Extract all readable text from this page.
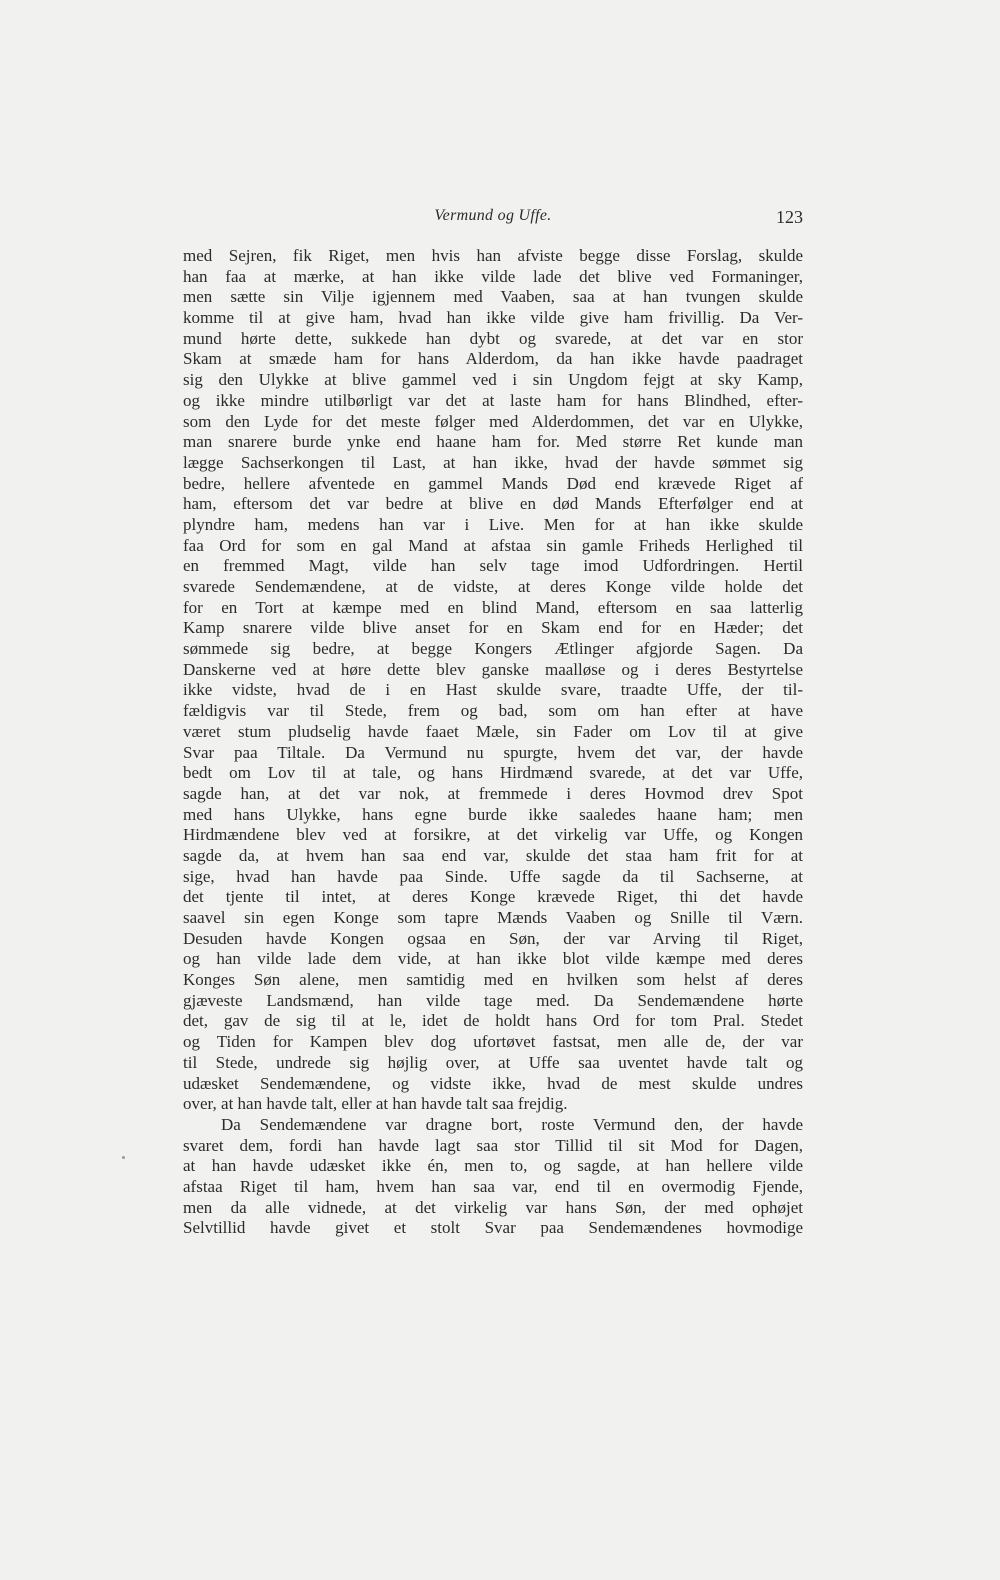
Vermund og Uffe.	123
med Sejren, fik Riget, men hvis han afviste begge disse Forslag, skulde
han faa at mærke, at han ikke vilde lade det blive ved Formaninger,
men sætte sin Vilje igjennem med Vaaben, saa at han tvungen skulde
komme til at give ham, hvad han ikke vilde give ham frivillig. Da Ver-
mund hørte dette, sukkede han dybt og svarede, at det var en stor
Skam at smæde ham for hans Alderdom, da han ikke havde paadraget
sig den Ulykke at blive gammel ved i sin Ungdom fejgt at sky Kamp,
og ikke mindre utilbørligt var det at laste ham for hans Blindhed, efter-
som den Lyde for det meste følger med Alderdommen, det var en Ulykke,
man snarere burde ynke end haane ham for. Med større Ret kunde man
lægge Sachserkongen til Last, at han ikke, hvad der havde sømmet sig
bedre, hellere afventede en gammel Mands Død end krævede Riget af
ham, eftersom det var bedre at blive en død Mands Efterfølger end at
plyndre ham, medens han var i Live. Men for at han ikke skulde
faa Ord for som en gal Mand at afstaa sin gamle Friheds Herlighed til
en fremmed Magt, vilde han selv tage imod Udfordringen. Hertil
svarede Sendemændene, at de vidste, at deres Konge vilde holde det
for en Tort at kæmpe med en blind Mand, eftersom en saa latterlig
Kamp snarere vilde blive anset for en Skam end for en Hæder; det
sømmede sig bedre, at begge Kongers Ætlinger afgjorde Sagen. Da
Danskerne ved at høre dette blev ganske maalløse og i deres Bestyrtelse
ikke vidste, hvad de i en Hast skulde svare, traadte Uffe, der til-
fældigvis var til Stede, frem og bad, som om han efter at have
været stum pludselig havde faaet Mæle, sin Fader om Lov til at give
Svar paa Tiltale. Da Vermund nu spurgte, hvem det var, der havde
bedt om Lov til at tale, og hans Hirdmænd svarede, at det var Uffe,
sagde han, at det var nok, at fremmede i deres Hovmod drev Spot
med hans Ulykke, hans egne burde ikke saaledes haane ham; men
Hirdmændene blev ved at forsikre, at det virkelig var Uffe, og Kongen
sagde da, at hvem han saa end var, skulde det staa ham frit for at
sige, hvad han havde paa Sinde. Uffe sagde da til Sachserne, at
det tjente til intet, at deres Konge krævede Riget, thi det havde
saavel sin egen Konge som tapre Mænds Vaaben og Snille til Værn.
Desuden havde Kongen ogsaa en Søn, der var Arving til Riget,
og han vilde lade dem vide, at han ikke blot vilde kæmpe med deres
Konges Søn alene, men samtidig med en hvilken som helst af deres
gjæveste Landsmænd, han vilde tage med. Da Sendemændene hørte
det, gav de sig til at le, idet de holdt hans Ord for tom Pral. Stedet
og Tiden for Kampen blev dog ufortøvet fastsat, men alle de, der var
til Stede, undrede sig højlig over, at Uffe saa uventet havde talt og
udæsket Sendemændene, og vidste ikke, hvad de mest skulde undres
over, at han havde talt, eller at han havde talt saa frejdig.
Da Sendemændene var dragne bort, roste Vermund den, der havde
svaret dem, fordi han havde lagt saa stor Tillid til sit Mod for Dagen,
at han havde udæsket ikke én, men to, og sagde, at han hellere vilde
afstaa Riget til ham, hvem han saa var, end til en overmodig Fjende,
men da alle vidnede, at det virkelig var hans Søn, der med ophøjet
Selvtillid havde givet et stolt Svar paa Sendemændenes hovmodige
